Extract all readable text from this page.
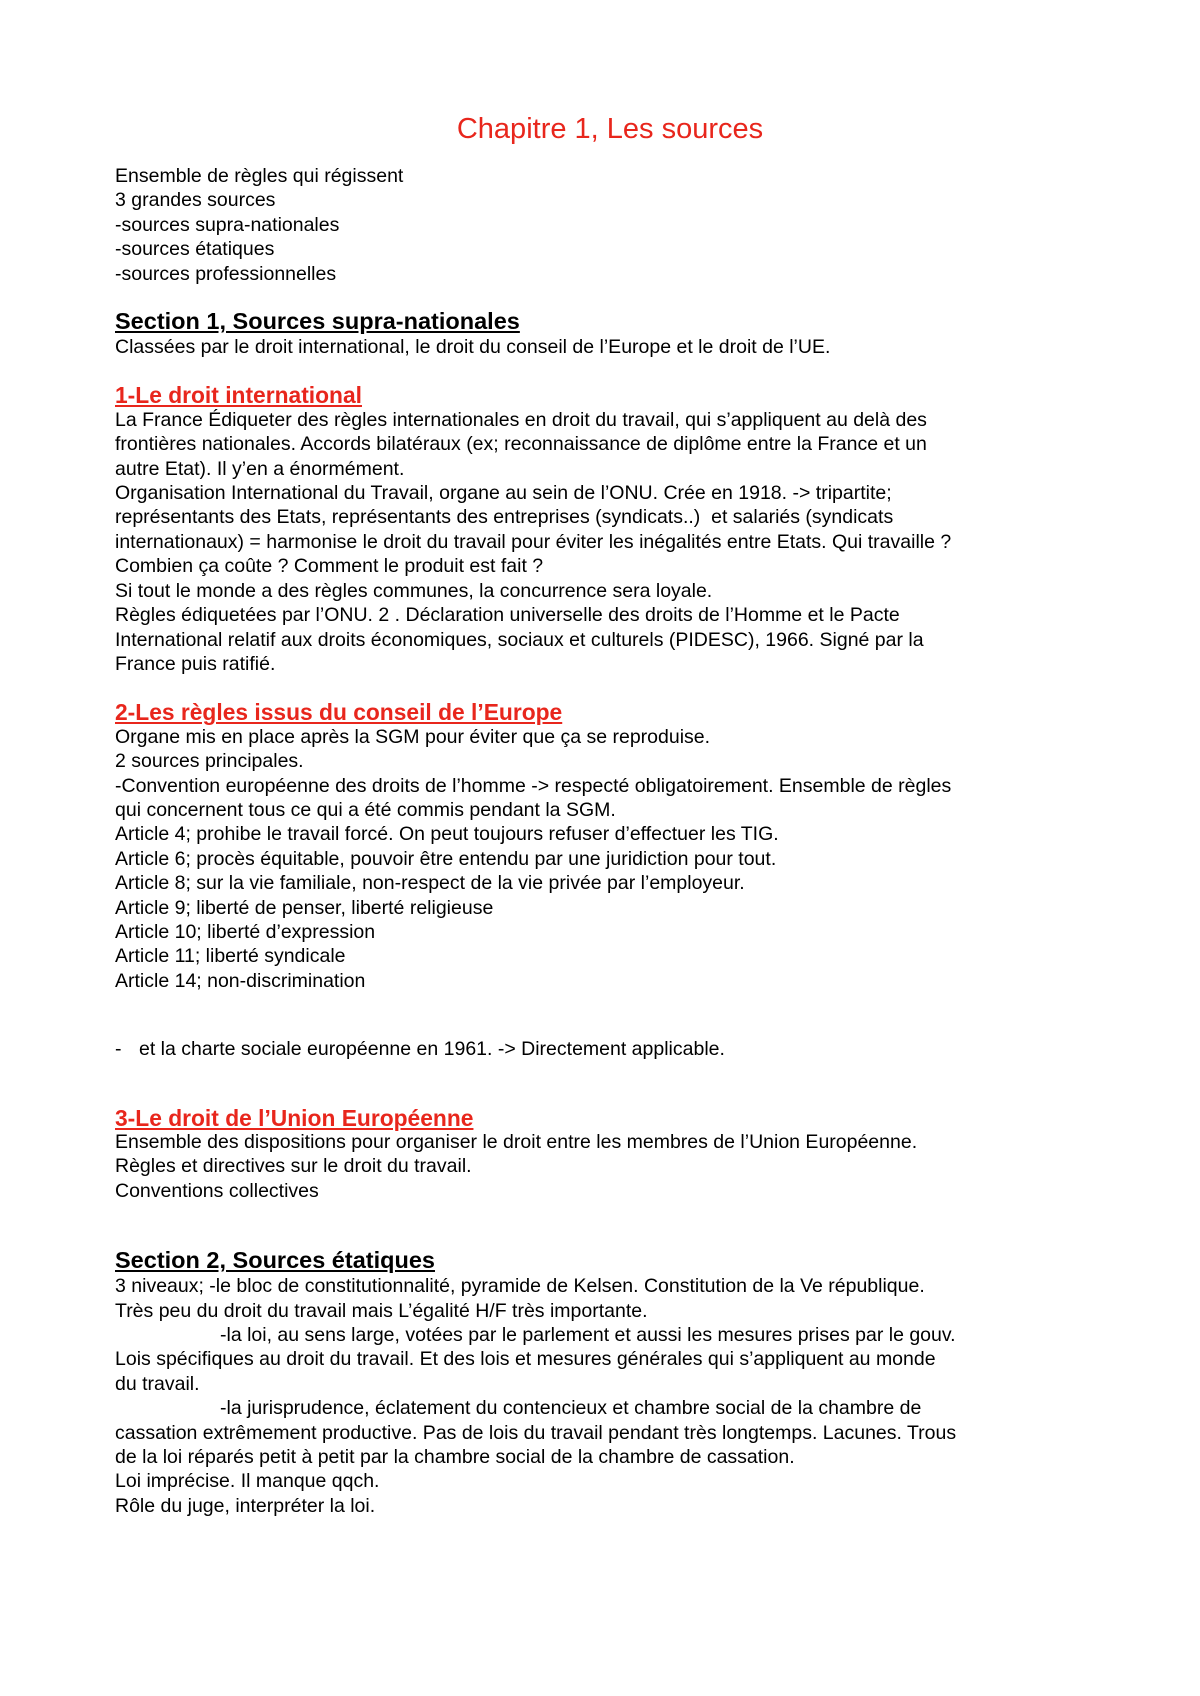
Chapitre 1, Les sources

Ensemble de règles qui régissent

3 grandes sources

-sources supra-nationales

-sources étatiques

-sources professionnelles

Section 1, Sources supra-nationales

Classées par le droit international, le droit du conseil de l’Europe et le droit de l’UE.

1-Le droit international

La France Édiqueter des règles internationales en droit du travail, qui s’appliquent au delà des

frontières nationales. Accords bilatéraux (ex; reconnaissance de diplôme entre la France et un

autre Etat). Il y’en a énormément.

Organisation International du Travail, organe au sein de l’ONU. Crée en 1918. -> tripartite;

représentants des Etats, représentants des entreprises (syndicats..)  et salariés (syndicats

internationaux) = harmonise le droit du travail pour éviter les inégalités entre Etats. Qui travaille ?

Combien ça coûte ? Comment le produit est fait ?

Si tout le monde a des règles communes, la concurrence sera loyale.

Règles édiquetées par l’ONU. 2 . Déclaration universelle des droits de l’Homme et le Pacte

International relatif aux droits économiques, sociaux et culturels (PIDESC), 1966. Signé par la

France puis ratifié.

2-Les règles issus du conseil de l’Europe

Organe mis en place après la SGM pour éviter que ça se reproduise.

2 sources principales.

-Convention européenne des droits de l’homme -> respecté obligatoirement. Ensemble de règles

qui concernent tous ce qui a été commis pendant la SGM.

Article 4; prohibe le travail forcé. On peut toujours refuser d’effectuer les TIG.

Article 6; procès équitable, pouvoir être entendu par une juridiction pour tout.

Article 8; sur la vie familiale, non-respect de la vie privée par l’employeur.

Article 9; liberté de penser, liberté religieuse

Article 10; liberté d’expression

Article 11; liberté syndicale

Article 14; non-discrimination

- et la charte sociale européenne en 1961. -> Directement applicable.

3-Le droit de l’Union Européenne

Ensemble des dispositions pour organiser le droit entre les membres de l’Union Européenne.

Règles et directives sur le droit du travail.

Conventions collectives

Section 2, Sources étatiques

3 niveaux; -le bloc de constitutionnalité, pyramide de Kelsen. Constitution de la Ve république.

Très peu du droit du travail mais L’égalité H/F très importante.

-la loi, au sens large, votées par le parlement et aussi les mesures prises par le gouv.

Lois spécifiques au droit du travail. Et des lois et mesures générales qui s’appliquent au monde

du travail.

-la jurisprudence, éclatement du contencieux et chambre social de la chambre de

cassation extrêmement productive. Pas de lois du travail pendant très longtemps. Lacunes. Trous

de la loi réparés petit à petit par la chambre social de la chambre de cassation.

Loi imprécise. Il manque qqch.

Rôle du juge, interpréter la loi.
